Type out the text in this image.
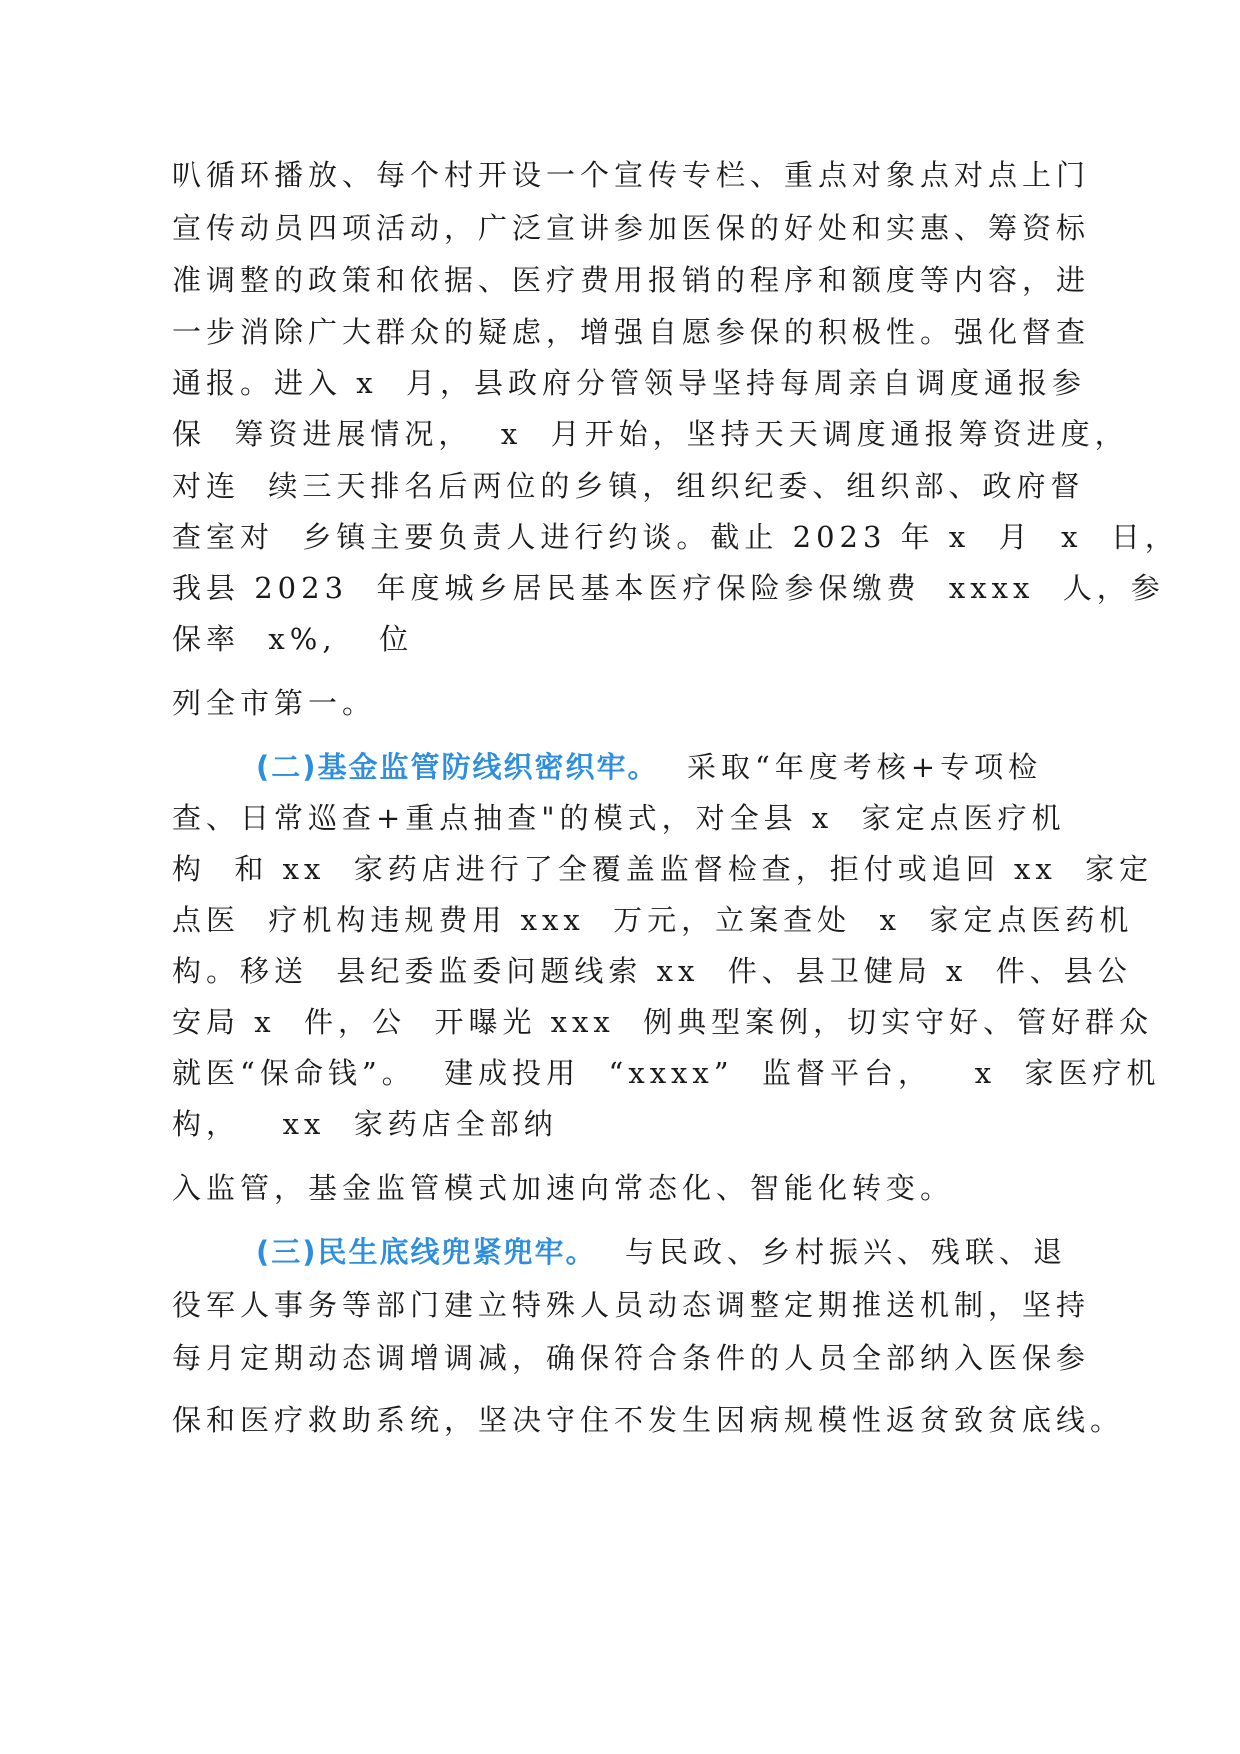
叭循环播放、每个村开设一个宣传专栏、重点对象点对点上门
宣传动员四项活动，广泛宣讲参加医保的好处和实惠、筹资标
准调整的政策和依据、医疗费用报销的程序和额度等内容，进
一步消除广大群众的疑虑，增强自愿参保的积极性。强化督查
通报。进入 x  月，县政府分管领导坚持每周亲自调度通报参
保  筹资进展情况，  x  月开始，坚持天天调度通报筹资进度，
对连  续三天排名后两位的乡镇，组织纪委、组织部、政府督
查室对  乡镇主要负责人进行约谈。截止 2023 年 x  月  x  日，
我县 2023  年度城乡居民基本医疗保险参保缴费  xxxx  人，参
保率  x%,   位
列全市第一。
(二)基金监管防线织密织牢。  采取“年度考核+专项检
查、日常巡查+重点抽查"的模式，对全县 x  家定点医疗机
构  和 xx  家药店进行了全覆盖监督检查，拒付或追回 xx  家定
点医  疗机构违规费用 xxx  万元，立案查处  x  家定点医药机
构。移送  县纪委监委问题线索 xx  件、县卫健局 x  件、县公
安局 x  件，公  开曝光 xxx  例典型案例，切实守好、管好群众
就医“保命钱”。  建成投用  “xxxx”  监督平台，   x  家医疗机
构，   xx  家药店全部纳
入监管，基金监管模式加速向常态化、智能化转变。
(三)民生底线兜紧兜牢。  与民政、乡村振兴、残联、退
役军人事务等部门建立特殊人员动态调整定期推送机制，坚持
每月定期动态调增调减，确保符合条件的人员全部纳入医保参
保和医疗救助系统，坚决守住不发生因病规模性返贫致贫底线。
